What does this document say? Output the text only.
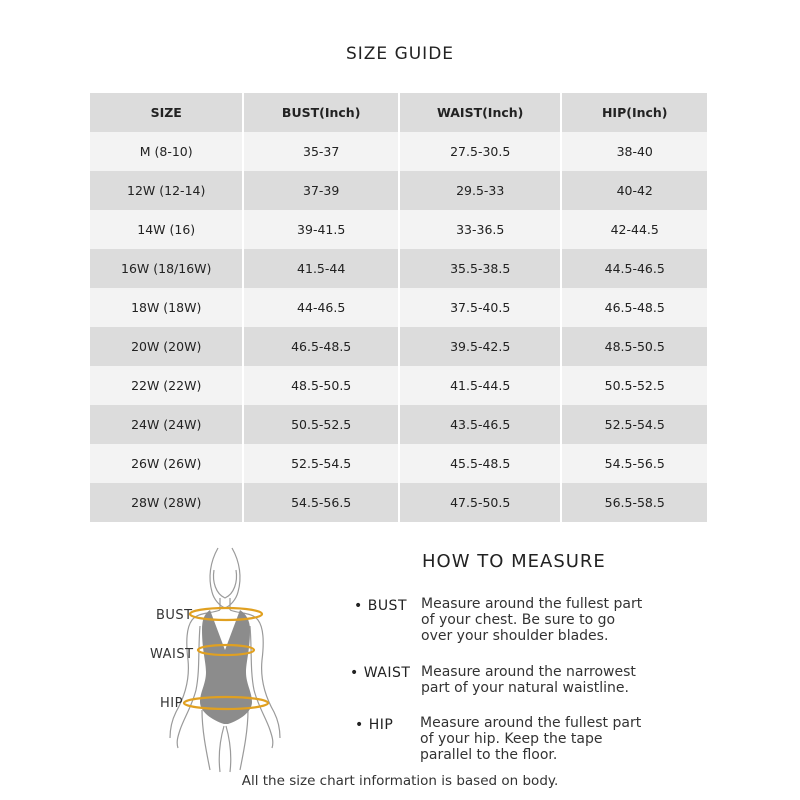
SIZE GUIDE
SIZE	BUST(Inch)	WAIST(Inch)	HIP(Inch)
M (8-10)	35-37	27.5-30.5	38-40
12W (12-14)	37-39	29.5-33	40-42
14W (16)	39-41.5	33-36.5	42-44.5
16W (18/16W)	41.5-44	35.5-38.5	44.5-46.5
18W (18W)	44-46.5	37.5-40.5	46.5-48.5
20W (20W)	46.5-48.5	39.5-42.5	48.5-50.5
22W (22W)	48.5-50.5	41.5-44.5	50.5-52.5
24W (24W)	50.5-52.5	43.5-46.5	52.5-54.5
26W (26W)	52.5-54.5	45.5-48.5	54.5-56.5
28W (28W)	54.5-56.5	47.5-50.5	56.5-58.5
BUST
WAIST
HIP
HOW TO MEASURE
• BUST Measure around the fullest part
of your chest. Be sure to go
over your shoulder blades.
• WAIST Measure around the narrowest
part of your natural waistline.
• HIP Measure around the fullest part
of your hip. Keep the tape
parallel to the floor.
All the size chart information is based on body.
